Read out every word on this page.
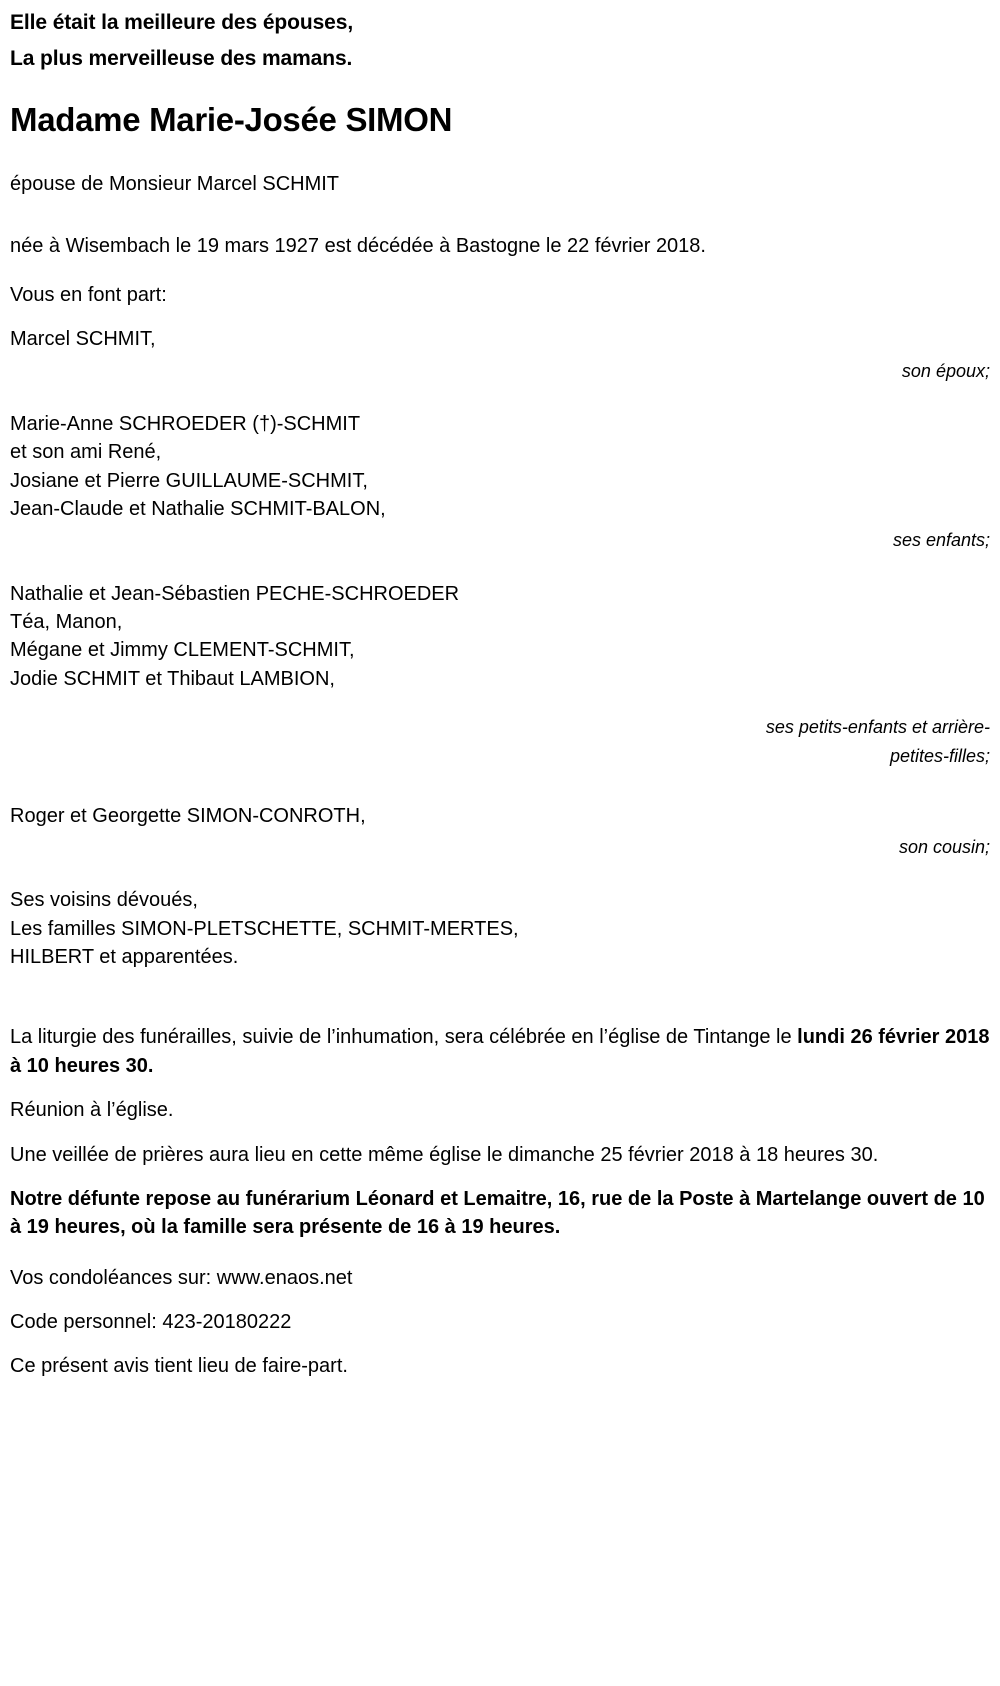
Elle était la meilleure des épouses,

La plus merveilleuse des mamans.

Madame Marie-Josée SIMON

épouse de Monsieur Marcel SCHMIT

née à Wisembach le 19 mars 1927 est décédée à Bastogne le 22 février 2018.

Vous en font part:

Marcel SCHMIT,
son époux;
Marie-Anne SCHROEDER (†)-SCHMIT
et son ami René,
Josiane et Pierre GUILLAUME-SCHMIT,
Jean-Claude et Nathalie SCHMIT-BALON,
ses enfants;
Nathalie et Jean-Sébastien PECHE-SCHROEDER
Téa, Manon,
Mégane et Jimmy CLEMENT-SCHMIT,
Jodie SCHMIT et Thibaut LAMBION,
ses petits-enfants et arrière-petites-filles;
Roger et Georgette SIMON-CONROTH,
son cousin;

Ses voisins dévoués,

Les familles SIMON-PLETSCHETTE, SCHMIT-MERTES,

HILBERT et apparentées.

La liturgie des funérailles, suivie de l’inhumation, sera célébrée en l’église de Tintange le lundi 26 février 2018 à 10 heures 30.

Réunion à l’église.

Une veillée de prières aura lieu en cette même église le dimanche 25 février 2018 à 18 heures 30.

Notre défunte repose au funérarium Léonard et Lemaitre, 16, rue de la Poste à Martelange ouvert de 10 à 19 heures, où la famille sera présente de 16 à 19 heures.

Vos condoléances sur: www.enaos.net

Code personnel: 423-20180222

Ce présent avis tient lieu de faire-part.
